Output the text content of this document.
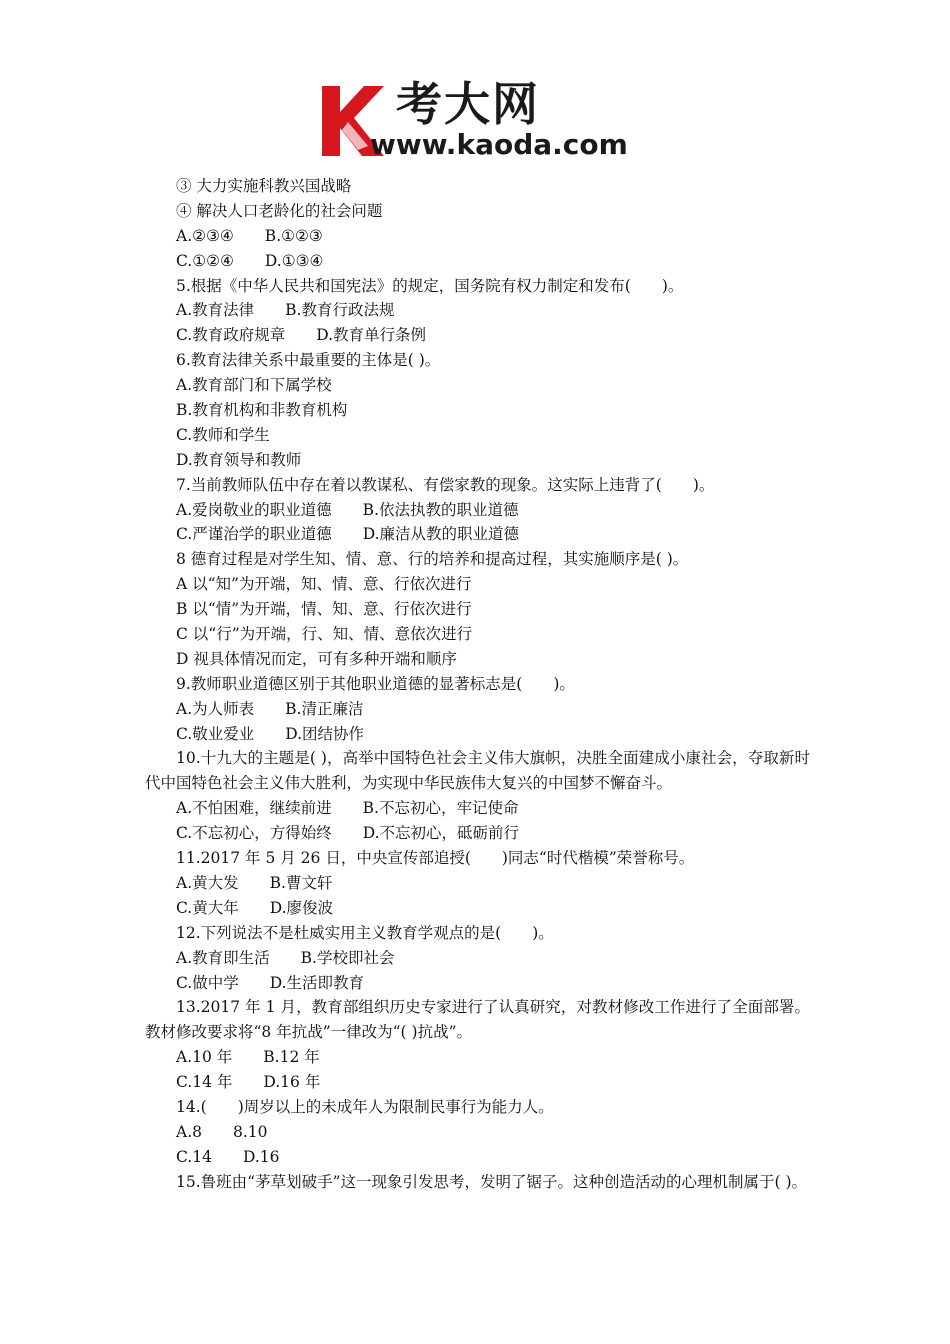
考大网
www.kaoda.com
③ 大力实施科教兴国战略
④ 解决人口老龄化的社会问题
A.②③④　　B.①②③
C.①②④　　D.①③④
5.根据《中华人民共和国宪法》的规定，国务院有权力制定和发布(　　)。
A.教育法律　　B.教育行政法规
C.教育政府规章　　D.教育单行条例
6.教育法律关系中最重要的主体是( )。
A.教育部门和下属学校
B.教育机构和非教育机构
C.教师和学生
D.教育领导和教师
7.当前教师队伍中存在着以教谋私、有偿家教的现象。这实际上违背了(　　)。
A.爱岗敬业的职业道德　　B.依法执教的职业道德
C.严谨治学的职业道德　　D.廉洁从教的职业道德
8 德育过程是对学生知、情、意、行的培养和提高过程，其实施顺序是( )。
A 以“知”为开端，知、情、意、行依次进行
B 以“情”为开端，情、知、意、行依次进行
C 以“行”为开端，行、知、情、意依次进行
D 视具体情况而定，可有多种开端和顺序
9.教师职业道德区别于其他职业道德的显著标志是(　　)。
A.为人师表　　B.清正廉洁
C.敬业爱业　　D.团结协作
10.十九大的主题是( )，高举中国特色社会主义伟大旗帜，决胜全面建成小康社会，夺取新时代中国特色社会主义伟大胜利，为实现中华民族伟大复兴的中国梦不懈奋斗。
A.不怕困难，继续前进　　B.不忘初心，牢记使命
C.不忘初心，方得始终　　D.不忘初心，砥砺前行
11.2017 年 5 月 26 日，中央宣传部追授(　　)同志“时代楷模”荣誉称号。
A.黄大发　　B.曹文轩
C.黄大年　　D.廖俊波
12.下列说法不是杜威实用主义教育学观点的是(　　)。
A.教育即生活　　B.学校即社会
C.做中学　　D.生活即教育
13.2017 年 1 月，教育部组织历史专家进行了认真研究，对教材修改工作进行了全面部署。教材修改要求将“8 年抗战”一律改为“( )抗战”。
A.10 年　　B.12 年
C.14 年　　D.16 年
14.(　　)周岁以上的未成年人为限制民事行为能力人。
A.8　　8.10
C.14　　D.16
15.鲁班由“茅草划破手”这一现象引发思考，发明了锯子。这种创造活动的心理机制属于( )。
